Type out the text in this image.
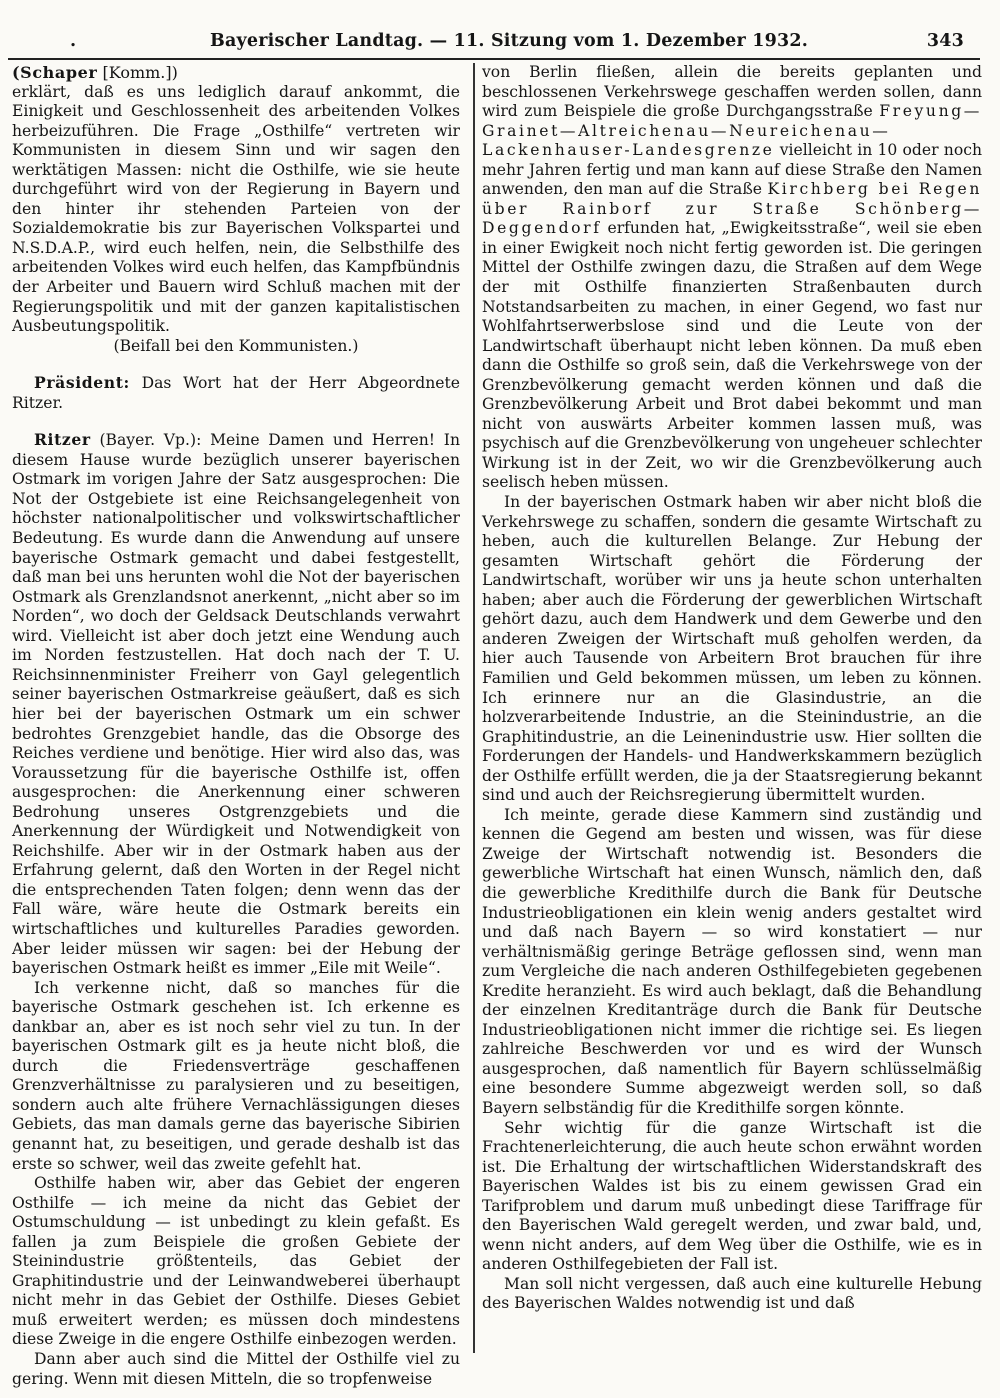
.	Bayerischer Landtag. — 11. Sitzung vom 1. Dezember 1932.	343

(Schaper [Komm.])

erklärt, daß es uns lediglich darauf ankommt, die Einigkeit und Geschlossenheit des arbeitenden Volkes herbeizuführen. Die Frage „Osthilfe“ vertreten wir Kommunisten in diesem Sinn und wir sagen den werktätigen Massen: nicht die Osthilfe, wie sie heute durchgeführt wird von der Regierung in Bayern und den hinter ihr stehenden Parteien von der Sozialdemokratie bis zur Bayerischen Volkspartei und N.S.D.A.P., wird euch helfen, nein, die Selbsthilfe des arbeitenden Volkes wird euch helfen, das Kampfbündnis der Arbeiter und Bauern wird Schluß machen mit der Regierungspolitik und mit der ganzen kapitalistischen Ausbeutungspolitik.

(Beifall bei den Kommunisten.)

Präsident: Das Wort hat der Herr Abgeordnete Ritzer.

Ritzer (Bayer. Vp.): Meine Damen und Herren! In diesem Hause wurde bezüglich unserer bayerischen Ostmark im vorigen Jahre der Satz ausgesprochen: Die Not der Ostgebiete ist eine Reichsangelegenheit von höchster nationalpolitischer und volkswirtschaftlicher Bedeutung. Es wurde dann die Anwendung auf unsere bayerische Ostmark gemacht und dabei festgestellt, daß man bei uns herunten wohl die Not der bayerischen Ostmark als Grenzlandsnot anerkennt, „nicht aber so im Norden“, wo doch der Geldsack Deutschlands verwahrt wird. Vielleicht ist aber doch jetzt eine Wendung auch im Norden festzustellen. Hat doch nach der T. U. Reichsinnenminister Freiherr von Gayl gelegentlich seiner bayerischen Ostmarkreise geäußert, daß es sich hier bei der bayerischen Ostmark um ein schwer bedrohtes Grenzgebiet handle, das die Obsorge des Reiches verdiene und benötige. Hier wird also das, was Voraussetzung für die bayerische Osthilfe ist, offen ausgesprochen: die Anerkennung einer schweren Bedrohung unseres Ostgrenzgebiets und die Anerkennung der Würdigkeit und Notwendigkeit von Reichshilfe. Aber wir in der Ostmark haben aus der Erfahrung gelernt, daß den Worten in der Regel nicht die entsprechenden Taten folgen; denn wenn das der Fall wäre, wäre heute die Ostmark bereits ein wirtschaftliches und kulturelles Paradies geworden. Aber leider müssen wir sagen: bei der Hebung der bayerischen Ostmark heißt es immer „Eile mit Weile“.

Ich verkenne nicht, daß so manches für die bayerische Ostmark geschehen ist. Ich erkenne es dankbar an, aber es ist noch sehr viel zu tun. In der bayerischen Ostmark gilt es ja heute nicht bloß, die durch die Friedensverträge geschaffenen Grenzverhältnisse zu paralysieren und zu beseitigen, sondern auch alte frühere Vernachlässigungen dieses Gebiets, das man damals gerne das bayerische Sibirien genannt hat, zu beseitigen, und gerade deshalb ist das erste so schwer, weil das zweite gefehlt hat.

Osthilfe haben wir, aber das Gebiet der engeren Osthilfe — ich meine da nicht das Gebiet der Ostumschuldung — ist unbedingt zu klein gefaßt. Es fallen ja zum Beispiele die großen Gebiete der Steinindustrie größtenteils, das Gebiet der Graphitindustrie und der Leinwandweberei überhaupt nicht mehr in das Gebiet der Osthilfe. Dieses Gebiet muß erweitert werden; es müssen doch mindestens diese Zweige in die engere Osthilfe einbezogen werden.

Dann aber auch sind die Mittel der Osthilfe viel zu gering. Wenn mit diesen Mitteln, die so tropfenweise

von Berlin fließen, allein die bereits geplanten und beschlossenen Verkehrswege geschaffen werden sollen, dann wird zum Beispiele die große Durchgangsstraße Freyung—Grainet—Altreichenau—Neureichenau—Lackenhauser-Landesgrenze vielleicht in 10 oder noch mehr Jahren fertig und man kann auf diese Straße den Namen anwenden, den man auf die Straße Kirchberg bei Regen über Rainborf zur Straße Schönberg—Deggendorf erfunden hat, „Ewigkeitsstraße“, weil sie eben in einer Ewigkeit noch nicht fertig geworden ist. Die geringen Mittel der Osthilfe zwingen dazu, die Straßen auf dem Wege der mit Osthilfe finanzierten Straßenbauten durch Notstandsarbeiten zu machen, in einer Gegend, wo fast nur Wohlfahrtserwerbslose sind und die Leute von der Landwirtschaft überhaupt nicht leben können. Da muß eben dann die Osthilfe so groß sein, daß die Verkehrswege von der Grenzbevölkerung gemacht werden können und daß die Grenzbevölkerung Arbeit und Brot dabei bekommt und man nicht von auswärts Arbeiter kommen lassen muß, was psychisch auf die Grenzbevölkerung von ungeheuer schlechter Wirkung ist in der Zeit, wo wir die Grenzbevölkerung auch seelisch heben müssen.

In der bayerischen Ostmark haben wir aber nicht bloß die Verkehrswege zu schaffen, sondern die gesamte Wirtschaft zu heben, auch die kulturellen Belange. Zur Hebung der gesamten Wirtschaft gehört die Förderung der Landwirtschaft, worüber wir uns ja heute schon unterhalten haben; aber auch die Förderung der gewerblichen Wirtschaft gehört dazu, auch dem Handwerk und dem Gewerbe und den anderen Zweigen der Wirtschaft muß geholfen werden, da hier auch Tausende von Arbeitern Brot brauchen für ihre Familien und Geld bekommen müssen, um leben zu können. Ich erinnere nur an die Glasindustrie, an die holzverarbeitende Industrie, an die Steinindustrie, an die Graphitindustrie, an die Leinenindustrie usw. Hier sollten die Forderungen der Handels- und Handwerkskammern bezüglich der Osthilfe erfüllt werden, die ja der Staatsregierung bekannt sind und auch der Reichsregierung übermittelt wurden.

Ich meinte, gerade diese Kammern sind zuständig und kennen die Gegend am besten und wissen, was für diese Zweige der Wirtschaft notwendig ist. Besonders die gewerbliche Wirtschaft hat einen Wunsch, nämlich den, daß die gewerbliche Kredithilfe durch die Bank für Deutsche Industrieobligationen ein klein wenig anders gestaltet wird und daß nach Bayern — so wird konstatiert — nur verhältnismäßig geringe Beträge geflossen sind, wenn man zum Vergleiche die nach anderen Osthilfegebieten gegebenen Kredite heranzieht. Es wird auch beklagt, daß die Behandlung der einzelnen Kreditanträge durch die Bank für Deutsche Industrieobligationen nicht immer die richtige sei. Es liegen zahlreiche Beschwerden vor und es wird der Wunsch ausgesprochen, daß namentlich für Bayern schlüsselmäßig eine besondere Summe abgezweigt werden soll, so daß Bayern selbständig für die Kredithilfe sorgen könnte.

Sehr wichtig für die ganze Wirtschaft ist die Frachtenerleichterung, die auch heute schon erwähnt worden ist. Die Erhaltung der wirtschaftlichen Widerstandskraft des Bayerischen Waldes ist bis zu einem gewissen Grad ein Tarifproblem und darum muß unbedingt diese Tariffrage für den Bayerischen Wald geregelt werden, und zwar bald, und, wenn nicht anders, auf dem Weg über die Osthilfe, wie es in anderen Osthilfegebieten der Fall ist.

Man soll nicht vergessen, daß auch eine kulturelle Hebung des Bayerischen Waldes notwendig ist und daß
